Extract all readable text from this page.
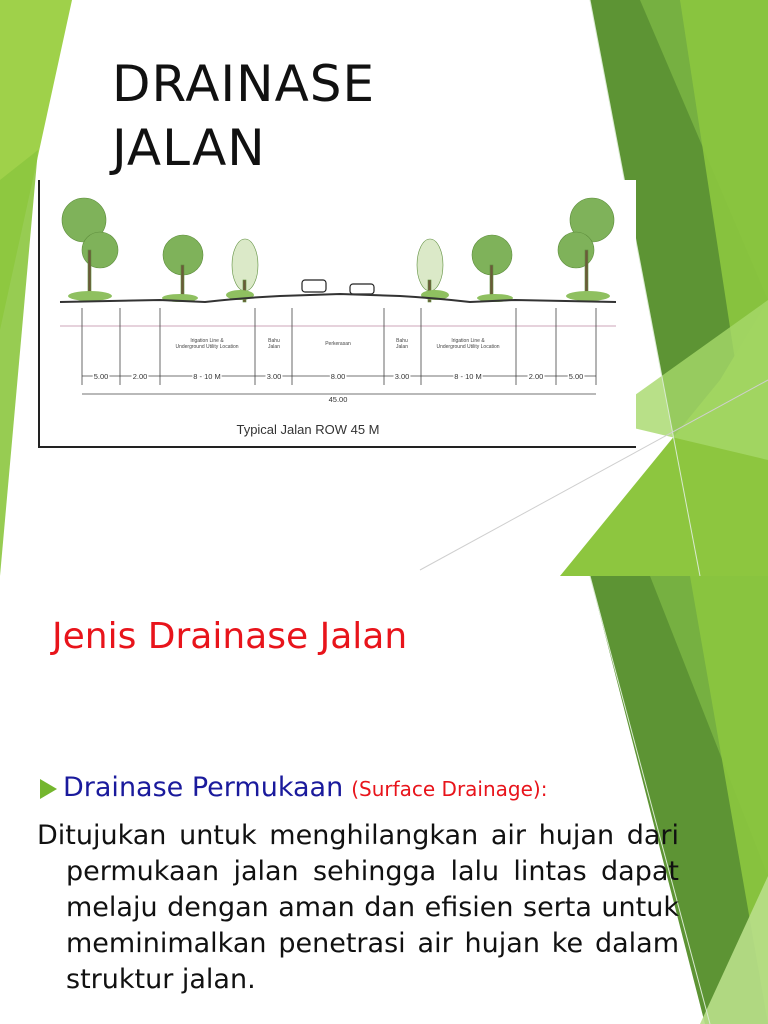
DRAINASE JALAN
Irigation Line &
Underground Utility Location
Bahu
Jalan	Perkerasan	Bahu
Jalan
Irigation Line &
Underground Utility Location
5.00	2.00	8 - 10 M	3.00	8.00	3.00	8 - 10 M	2.00	5.00
45.00
Typical Jalan ROW 45 M
Jenis Drainase Jalan
Drainase Permukaan (Surface Drainage):
Ditujukan untuk menghilangkan air hujan dari permukaan jalan sehingga lalu lintas dapat melaju dengan aman dan efisien serta untuk meminimalkan penetrasi air hujan ke dalam struktur jalan.
